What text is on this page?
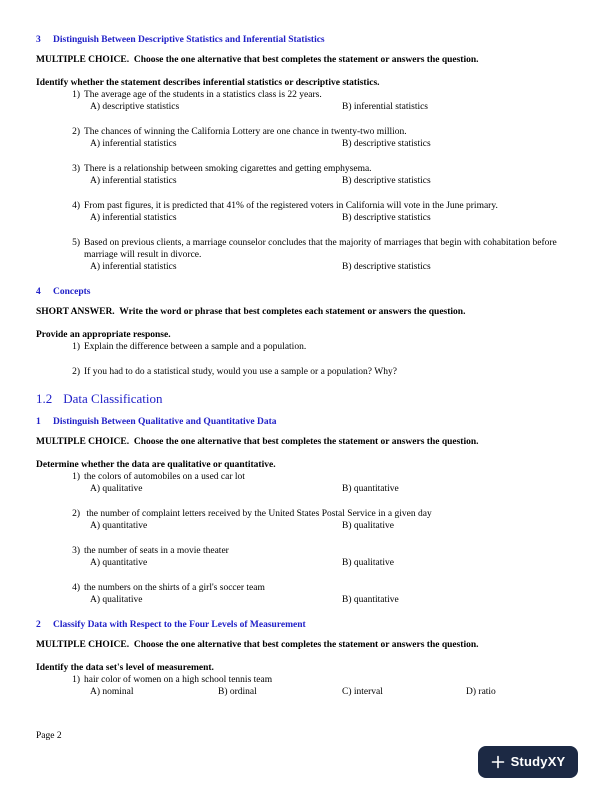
3 Distinguish Between Descriptive Statistics and Inferential Statistics
MULTIPLE CHOICE.  Choose the one alternative that best completes the statement or answers the question.
Identify whether the statement describes inferential statistics or descriptive statistics.
1) The average age of the students in a statistics class is 22 years.
A) descriptive statistics	B) inferential statistics
2) The chances of winning the California Lottery are one chance in twenty-two million.
A) inferential statistics	B) descriptive statistics
3) There is a relationship between smoking cigarettes and getting emphysema.
A) inferential statistics	B) descriptive statistics
4) From past figures, it is predicted that 41% of the registered voters in California will vote in the June primary.
A) inferential statistics	B) descriptive statistics
5) Based on previous clients, a marriage counselor concludes that the majority of marriages that begin with cohabitation before marriage will result in divorce.
A) inferential statistics	B) descriptive statistics
4 Concepts
SHORT ANSWER.  Write the word or phrase that best completes each statement or answers the question.
Provide an appropriate response.
1) Explain the difference between a sample and a population.
2) If you had to do a statistical study, would you use a sample or a population? Why?
1.2 Data Classification
1 Distinguish Between Qualitative and Quantitative Data
MULTIPLE CHOICE.  Choose the one alternative that best completes the statement or answers the question.
Determine whether the data are qualitative or quantitative.
1) the colors of automobiles on a used car lot
A) qualitative	B) quantitative
2) the number of complaint letters received by the United States Postal Service in a given day
A) quantitative	B) qualitative
3) the number of seats in a movie theater
A) quantitative	B) qualitative
4) the numbers on the shirts of a girl's soccer team
A) qualitative	B) quantitative
2 Classify Data with Respect to the Four Levels of Measurement
MULTIPLE CHOICE.  Choose the one alternative that best completes the statement or answers the question.
Identify the data set's level of measurement.
1) hair color of women on a high school tennis team
A) nominal	B) ordinal	C) interval	D) ratio
Page 2
StudyXY
